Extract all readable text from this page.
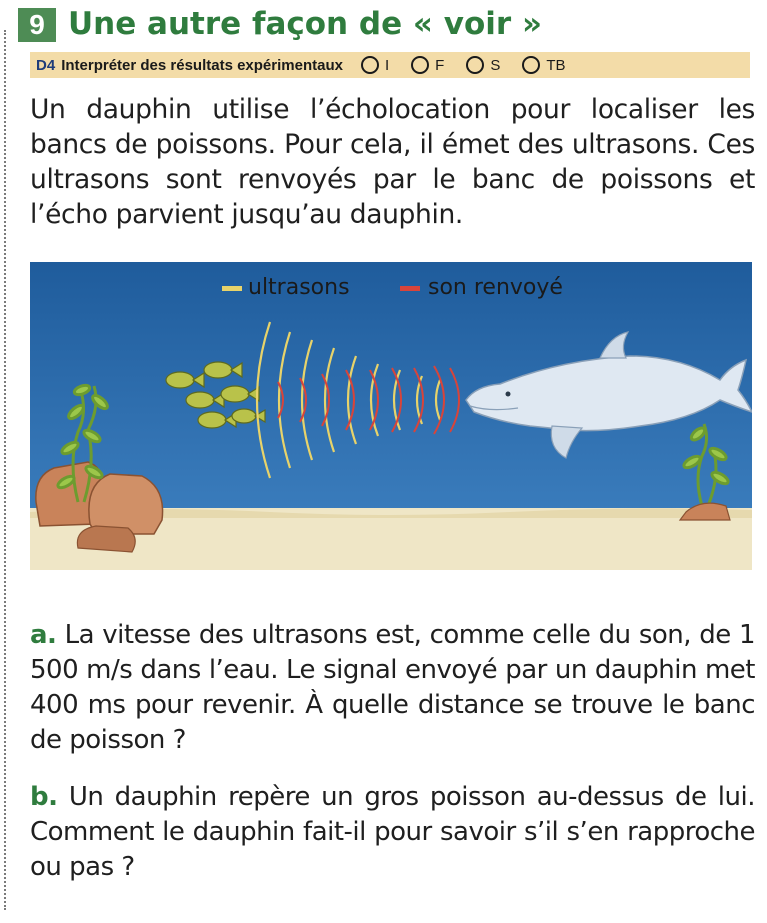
9 Une autre façon de « voir »
D4 Interpréter des résultats expérimentaux	I	F	S	TB
Un dauphin utilise l’écholocation pour localiser les bancs de poissons. Pour cela, il émet des ultrasons. Ces ultrasons sont renvoyés par le banc de poissons et l’écho parvient jusqu’au dauphin.
ultrasons	son renvoyé
a. La vitesse des ultrasons est, comme celle du son, de 1 500 m/s dans l’eau. Le signal envoyé par un dauphin met 400 ms pour revenir. À quelle distance se trouve le banc de poisson ?
b. Un dauphin repère un gros poisson au-dessus de lui. Comment le dauphin fait-il pour savoir s’il s’en rapproche ou pas ?
